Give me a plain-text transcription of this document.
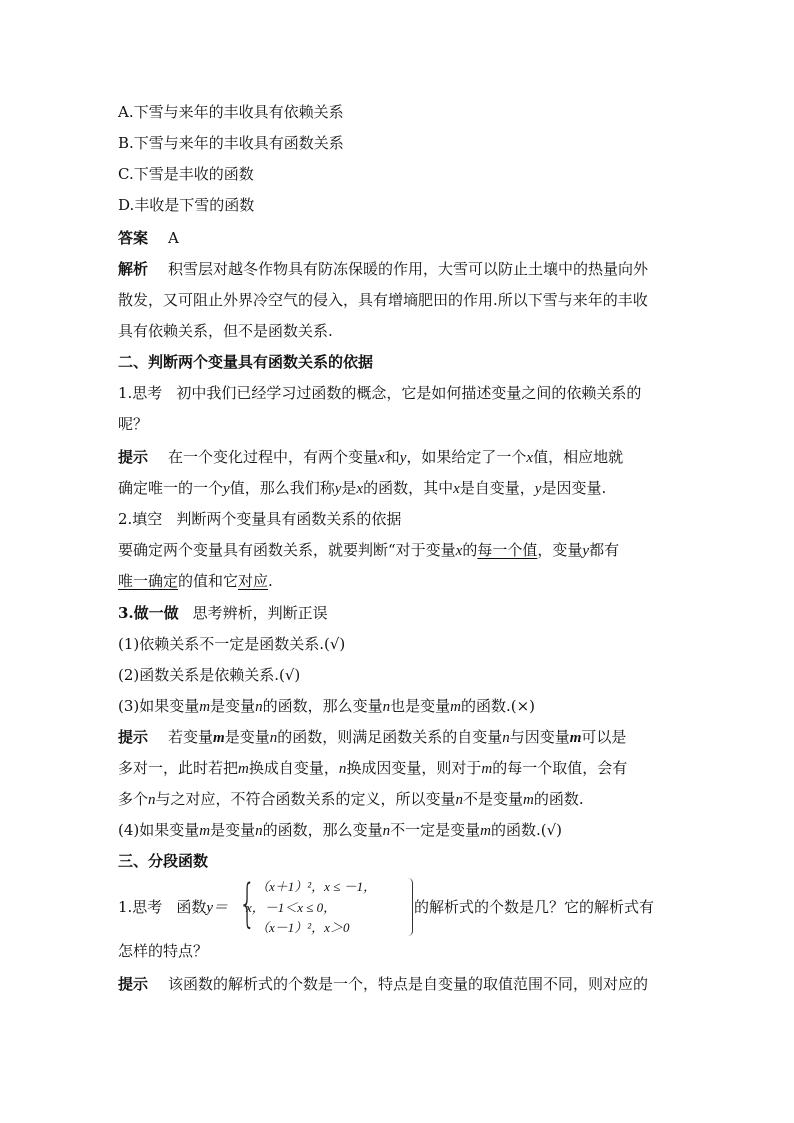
A.下雪与来年的丰收具有依赖关系
B.下雪与来年的丰收具有函数关系
C.下雪是丰收的函数
D.丰收是下雪的函数
答案 A
解析 积雪层对越冬作物具有防冻保暖的作用，大雪可以防止土壤中的热量向外
散发，又可阻止外界冷空气的侵入，具有增墒肥田的作用.所以下雪与来年的丰收
具有依赖关系，但不是函数关系.
二、判断两个变量具有函数关系的依据
1.思考 初中我们已经学习过函数的概念，它是如何描述变量之间的依赖关系的
呢？
提示 在一个变化过程中，有两个变量x和y，如果给定了一个x值，相应地就
确定唯一的一个y值，那么我们称y是x的函数，其中x是自变量，y是因变量.
2.填空 判断两个变量具有函数关系的依据
要确定两个变量具有函数关系，就要判断“对于变量x的每一个值，变量y都有
唯一确定的值和它对应.
3.做一做 思考辨析，判断正误
(1)依赖关系不一定是函数关系.(√)
(2)函数关系是依赖关系.(√)
(3)如果变量m是变量n的函数，那么变量n也是变量m的函数.(×)
提示 若变量m是变量n的函数，则满足函数关系的自变量n与因变量m可以是
多对一，此时若把m换成自变量，n换成因变量，则对于m的每一个取值，会有
多个n与之对应，不符合函数关系的定义，所以变量n不是变量m的函数.
(4)如果变量m是变量n的函数，那么变量n不一定是变量m的函数.(√)
三、分段函数
1.思考 函数y＝ { （x＋1）²，x ≤ －1，
x，－1＜x ≤ 0，
（x－1）²，x＞0
的解析式的个数是几？它的解析式有
怎样的特点？
提示 该函数的解析式的个数是一个，特点是自变量的取值范围不同，则对应的
